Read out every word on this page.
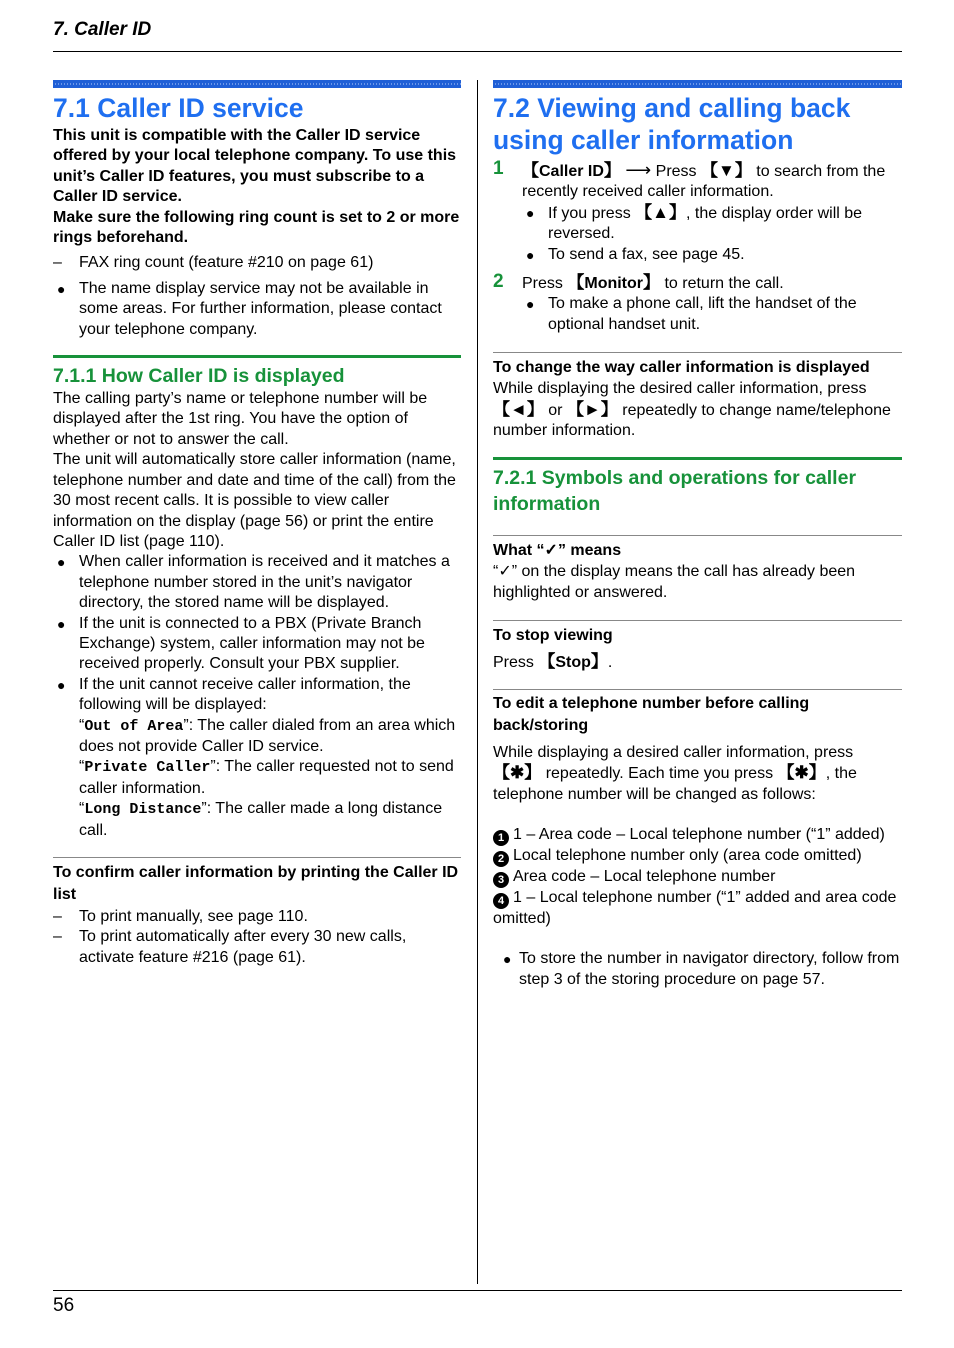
7. Caller ID
7.1 Caller ID service

This unit is compatible with the Caller ID service offered by your local telephone company. To use this unit’s Caller ID features, you must subscribe to a Caller ID service.

Make sure the following ring count is set to 2 or more rings beforehand.

– FAX ring count (feature #210 on page 61)

● The name display service may not be available in some areas. For further information, please contact your telephone company.
7.1.1 How Caller ID is displayed

The calling party’s name or telephone number will be displayed after the 1st ring. You have the option of whether or not to answer the call.

The unit will automatically store caller information (name, telephone number and date and time of the call) from the 30 most recent calls. It is possible to view caller information on the display (page 56) or print the entire Caller ID list (page 110).

● When caller information is received and it matches a telephone number stored in the unit’s navigator directory, the stored name will be displayed.
● If the unit is connected to a PBX (Private Branch Exchange) system, caller information may not be received properly. Consult your PBX supplier.
● If the unit cannot receive caller information, the following will be displayed:
“Out of Area”: The caller dialed from an area which does not provide Caller ID service.
“Private Caller”: The caller requested not to send caller information.
“Long Distance”: The caller made a long distance call.

To confirm caller information by printing the Caller ID list

– To print manually, see page 110.

– To print automatically after every 30 new calls, activate feature #216 (page 61).

7.2 Viewing and calling back using caller information
1 【Caller ID】 ⟶ Press 【▼】 to search from the recently received caller information.
● If you press 【▲】, the display order will be reversed.
● To send a fax, see page 45.
2 Press 【Monitor】 to return the call.
● To make a phone call, lift the handset of the optional handset unit.

To change the way caller information is displayed

While displaying the desired caller information, press 【◄】 or 【►】 repeatedly to change name/telephone number information.

7.2.1 Symbols and operations for caller information

What “✓” means

“✓” on the display means the call has already been highlighted or answered.

To stop viewing

Press 【Stop】.

To edit a telephone number before calling back/storing

While displaying a desired caller information, press 【✱】 repeatedly. Each time you press 【✱】, the telephone number will be changed as follows:

1 1 – Area code – Local telephone number (“1” added)
2 Local telephone number only (area code omitted)
3 Area code – Local telephone number
4 1 – Local telephone number (“1” added and area code omitted)
● To store the number in navigator directory, follow from step 3 of the storing procedure on page 57.
56
